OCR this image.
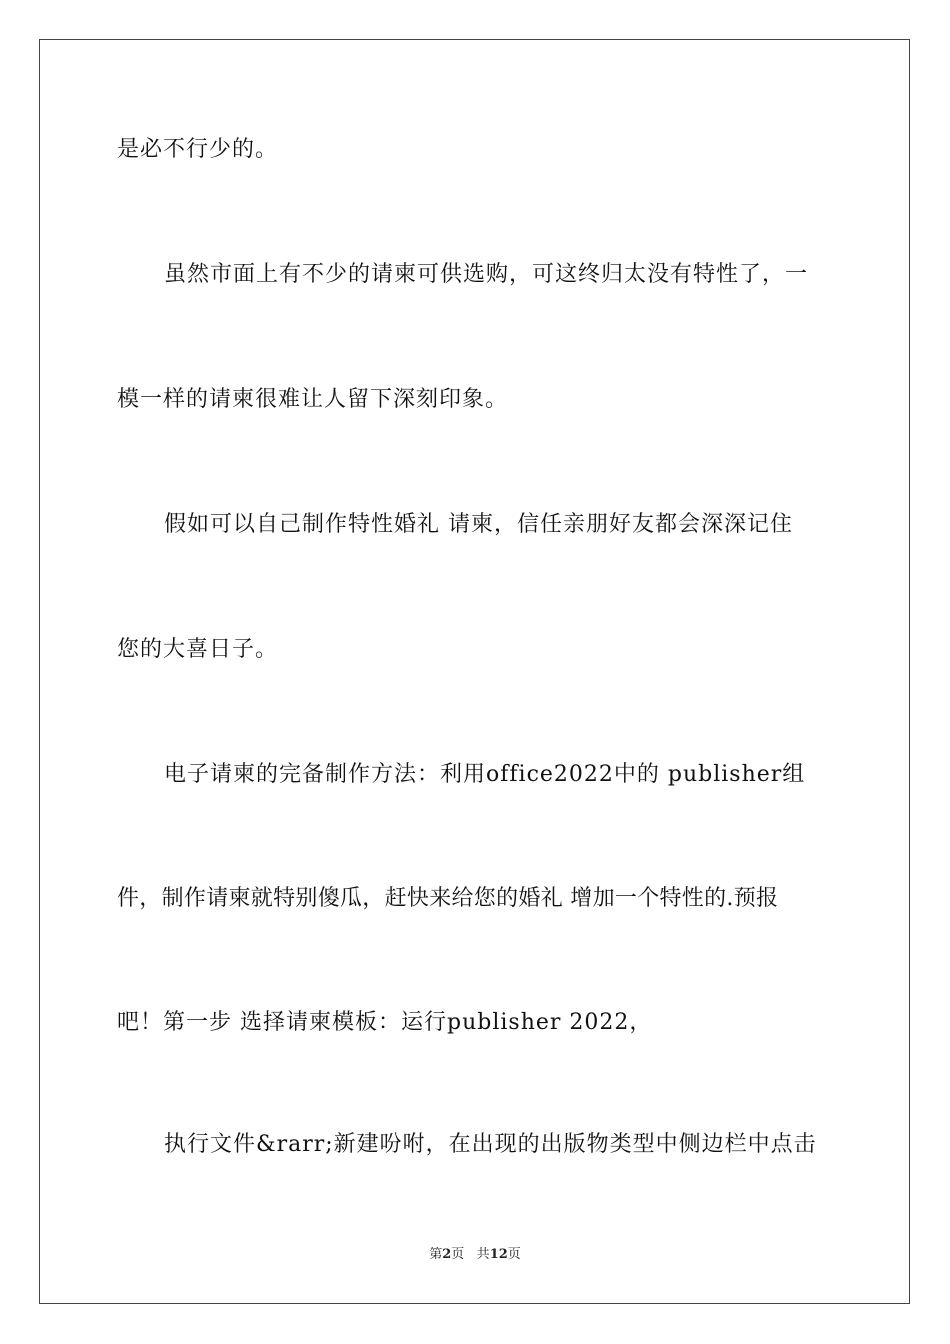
是必不行少的。
虽然市面上有不少的请柬可供选购，可这终归太没有特性了，一
模一样的请柬很难让人留下深刻印象。
假如可以自己制作特性婚礼 请柬，信任亲朋好友都会深深记住
您的大喜日子。
电子请柬的完备制作方法：利用office2022中的 publisher组
件，制作请柬就特别傻瓜，赶快来给您的婚礼 增加一个特性的.预报
吧！第一步 选择请柬模板：运行publisher 2022，
执行文件&rarr;新建吩咐，在出现的出版物类型中侧边栏中点击
第2页 共12页
